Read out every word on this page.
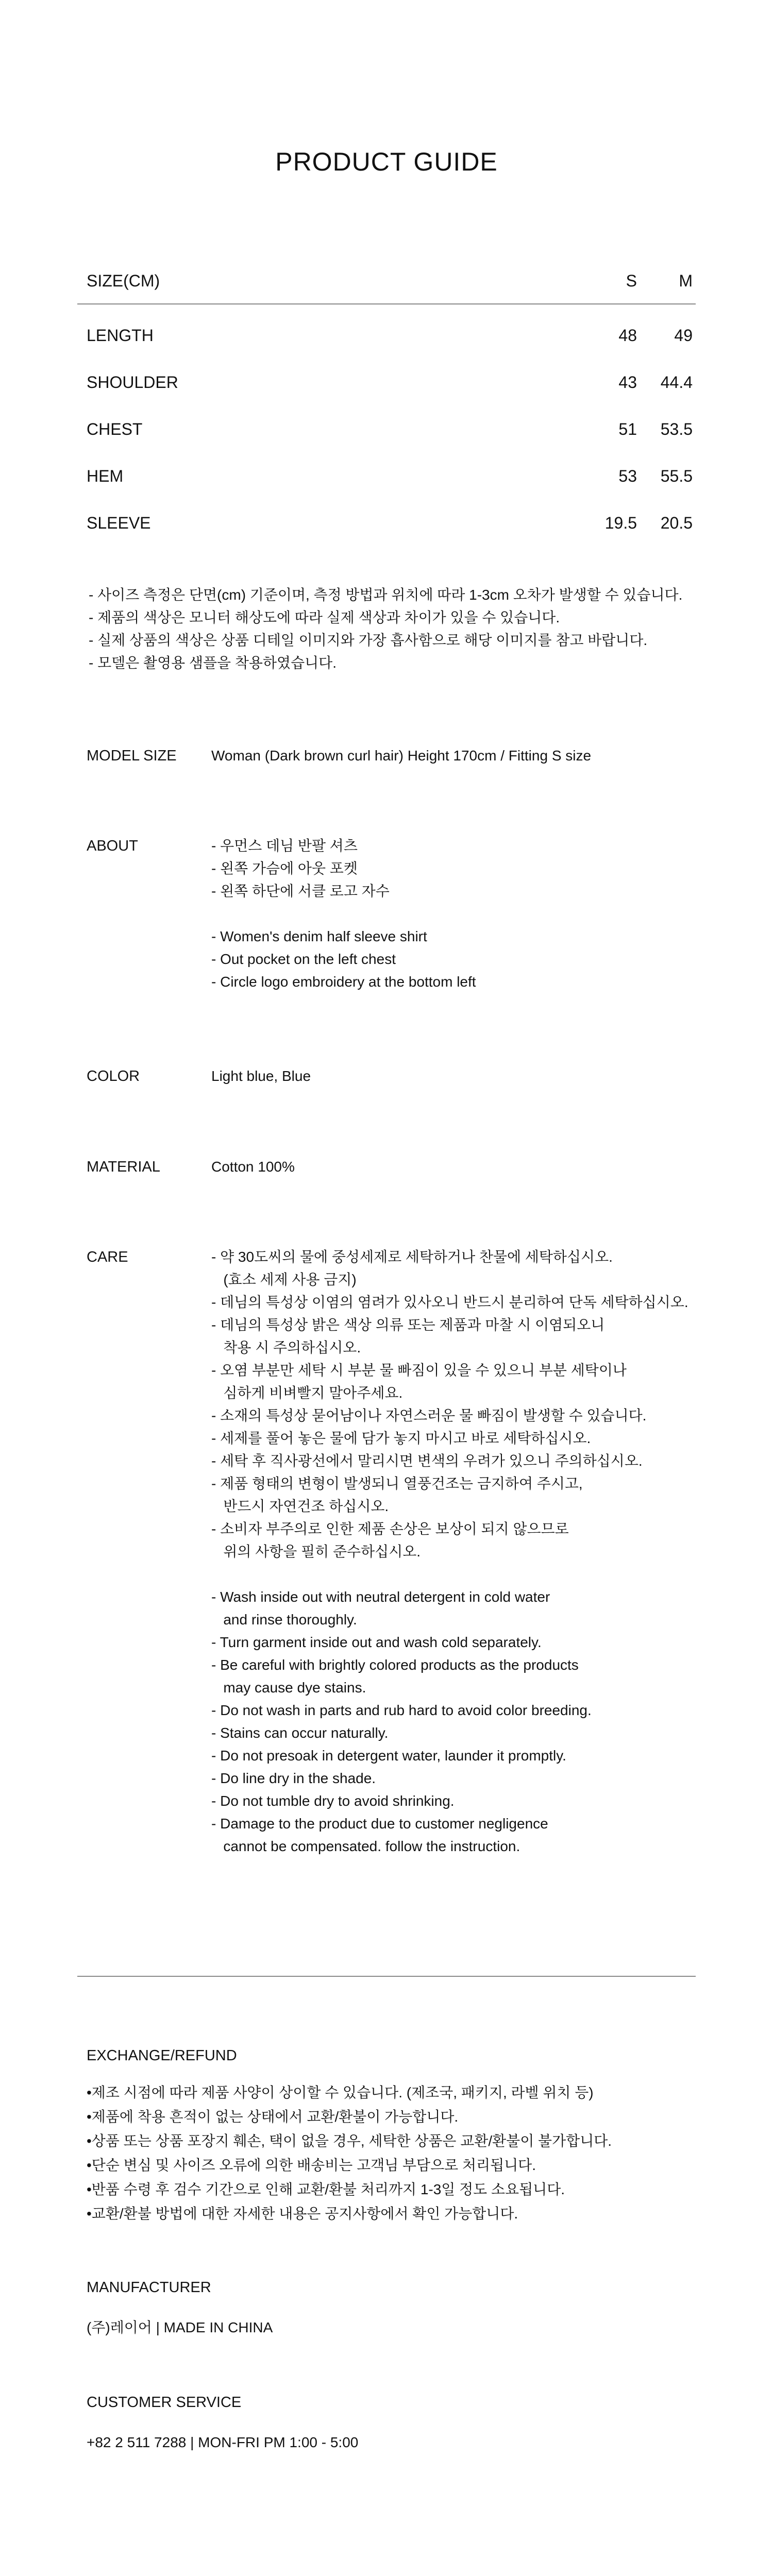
PRODUCT GUIDE
SIZE(CM)	S	M
LENGTH	48 49
SHOULDER	43 44.4
CHEST	51 53.5
HEM	53 55.5
SLEEVE	19.5 20.5
- 사이즈 측정은 단면(cm) 기준이며, 측정 방법과 위치에 따라 1-3cm 오차가 발생할 수 있습니다.
- 제품의 색상은 모니터 해상도에 따라 실제 색상과 차이가 있을 수 있습니다.
- 실제 상품의 색상은 상품 디테일 이미지와 가장 흡사함으로 해당 이미지를 참고 바랍니다.
- 모델은 촬영용 샘플을 착용하였습니다.
MODEL SIZE Woman (Dark brown curl hair) Height 170cm / Fitting S size
ABOUT	- 우먼스 데님 반팔 셔츠
- 왼쪽 가슴에 아웃 포켓
- 왼쪽 하단에 서클 로고 자수
- Women's denim half sleeve shirt
- Out pocket on the left chest
- Circle logo embroidery at the bottom left
COLOR	Light blue, Blue
MATERIAL	Cotton 100%
CARE	- 약 30도씨의 물에 중성세제로 세탁하거나 찬물에 세탁하십시오.
(효소 세제 사용 금지)
- 데님의 특성상 이염의 염려가 있사오니 반드시 분리하여 단독 세탁하십시오.
- 데님의 특성상 밝은 색상 의류 또는 제품과 마찰 시 이염되오니
착용 시 주의하십시오.
- 오염 부분만 세탁 시 부분 물 빠짐이 있을 수 있으니 부분 세탁이나
심하게 비벼빨지 말아주세요.
- 소재의 특성상 묻어남이나 자연스러운 물 빠짐이 발생할 수 있습니다.
- 세제를 풀어 놓은 물에 담가 놓지 마시고 바로 세탁하십시오.
- 세탁 후 직사광선에서 말리시면 변색의 우려가 있으니 주의하십시오.
- 제품 형태의 변형이 발생되니 열풍건조는 금지하여 주시고,
반드시 자연건조 하십시오.
- 소비자 부주의로 인한 제품 손상은 보상이 되지 않으므로
위의 사항을 필히 준수하십시오.
- Wash inside out with neutral detergent in cold water
and rinse thoroughly.
- Turn garment inside out and wash cold separately.
- Be careful with brightly colored products as the products
may cause dye stains.
- Do not wash in parts and rub hard to avoid color breeding.
- Stains can occur naturally.
- Do not presoak in detergent water, launder it promptly.
- Do line dry in the shade.
- Do not tumble dry to avoid shrinking.
- Damage to the product due to customer negligence
cannot be compensated. follow the instruction.
EXCHANGE/REFUND
•제조 시점에 따라 제품 사양이 상이할 수 있습니다. (제조국, 패키지, 라벨 위치 등)
•제품에 착용 흔적이 없는 상태에서 교환/환불이 가능합니다.
•상품 또는 상품 포장지 훼손, 택이 없을 경우, 세탁한 상품은 교환/환불이 불가합니다.
•단순 변심 및 사이즈 오류에 의한 배송비는 고객님 부담으로 처리됩니다.
•반품 수령 후 검수 기간으로 인해 교환/환불 처리까지 1-3일 정도 소요됩니다.
•교환/환불 방법에 대한 자세한 내용은 공지사항에서 확인 가능합니다.
MANUFACTURER
(주)레이어 | MADE IN CHINA
CUSTOMER SERVICE
+82 2 511 7288 | MON-FRI PM 1:00 - 5:00
